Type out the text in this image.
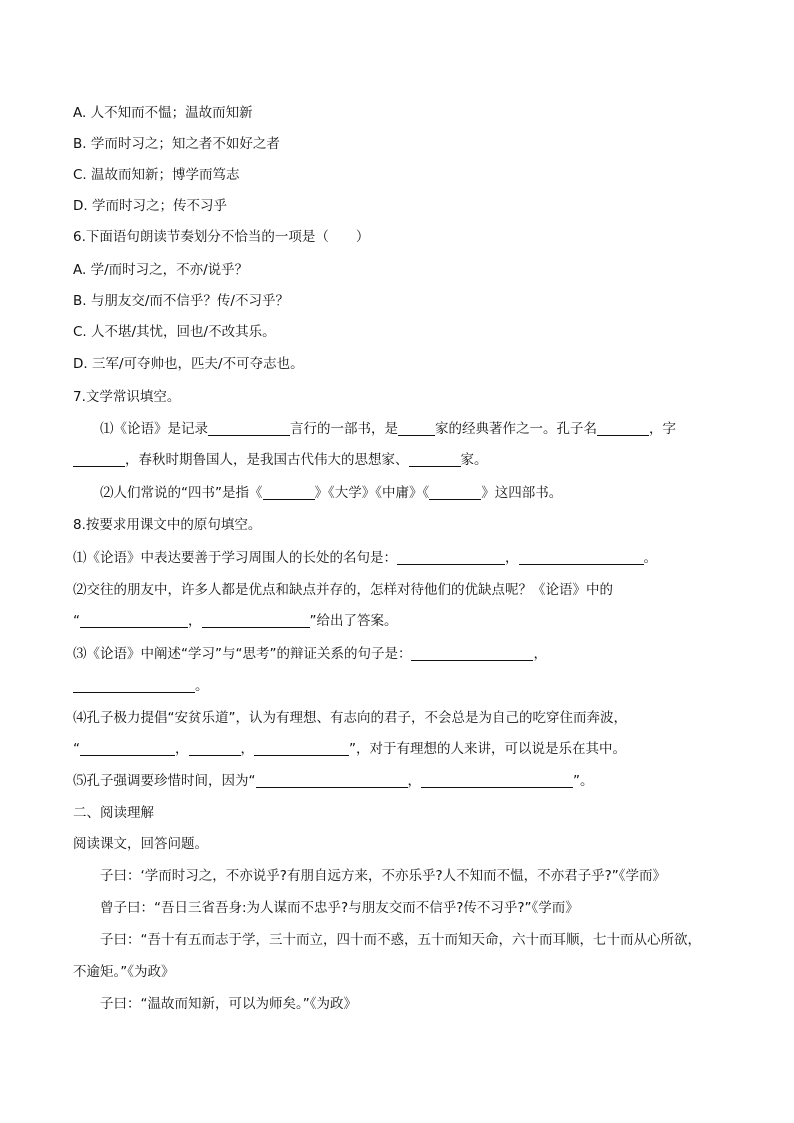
A. 人不知而不愠；温故而知新
B. 学而时习之；知之者不如好之者
C. 温故而知新；博学而笃志
D. 学而时习之；传不习乎
6.下面语句朗读节奏划分不恰当的一项是（　　）
A. 学/而时习之，不亦/说乎？
B. 与朋友交/而不信乎？传/不习乎？
C. 人不堪/其忧，回也/不改其乐。
D. 三军/可夺帅也，匹夫/不可夺志也。
7.文学常识填空。
⑴《论语》是记录	言行的一部书，是	家的经典著作之一。孔子名	，字
，春秋时期鲁国人，是我国古代伟大的思想家、	家。
⑵人们常说的“四书”是指《	》《大学》《中庸》《	》这四部书。
8.按要求用课文中的原句填空。
⑴《论语》中表达要善于学习周围人的长处的名句是：	，	。
⑵交往的朋友中，许多人都是优点和缺点并存的，怎样对待他们的优缺点呢？《论语》中的
“	，	”给出了答案。
⑶《论语》中阐述“学习”与“思考”的辩证关系的句子是：	，
。
⑷孔子极力提倡“安贫乐道”，认为有理想、有志向的君子，不会总是为自己的吃穿住而奔波，
“	，	，	”，对于有理想的人来讲，可以说是乐在其中。
⑸孔子强调要珍惜时间，因为“	，	”。
二、阅读理解
阅读课文，回答问题。
子曰：‘学而时习之，不亦说乎?有朋自远方来，不亦乐乎?人不知而不愠，不亦君子乎?”《学而》
曾子曰：“吾日三省吾身:为人谋而不忠乎?与朋友交而不信乎?传不习乎?”《学而》
子曰：“吾十有五而志于学，三十而立，四十而不惑，五十而知天命，六十而耳顺，七十而从心所欲，
不逾矩。”《为政》
子曰：“温故而知新，可以为师矣。”《为政》
